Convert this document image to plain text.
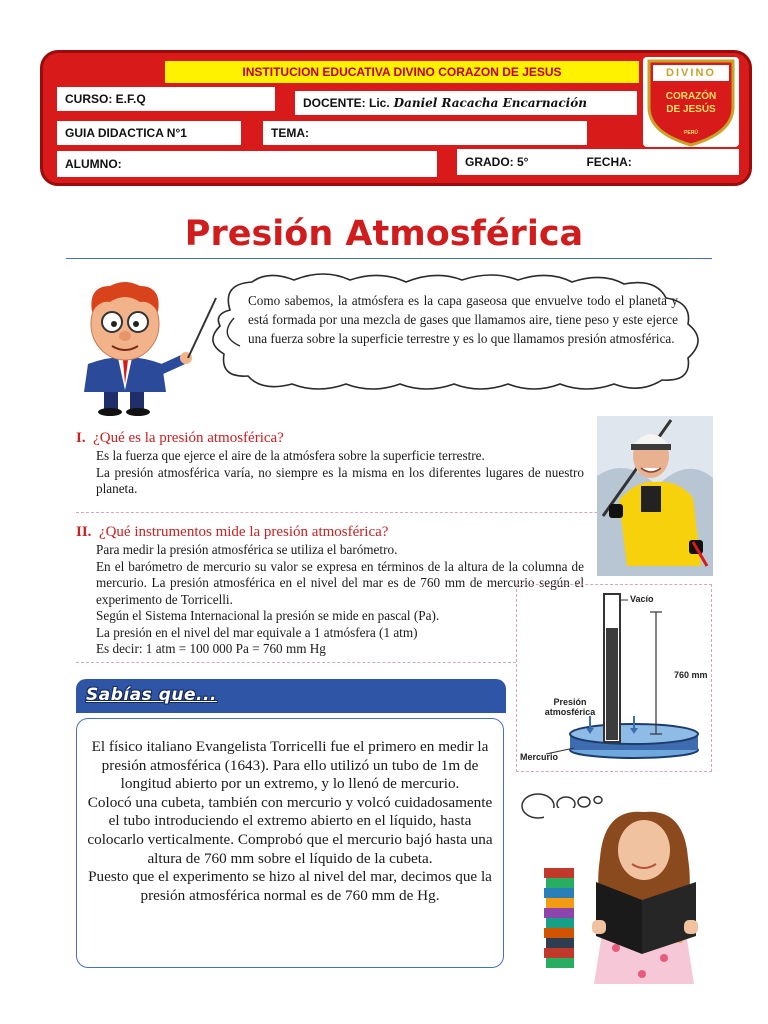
INSTITUCION EDUCATIVA DIVINO CORAZON DE JESUS
CURSO: E.F.Q	DOCENTE: Lic. Daniel Racacha Encarnación
GUIA DIDACTICA N°1	TEMA:
ALUMNO:	GRADO: 5°	FECHA:
DIVINO
CORAZÓN
DE JESÚS
PERÚ
Presión Atmosférica
Como sabemos, la atmósfera es la capa gaseosa que envuelve todo el planeta y está formada por una mezcla de gases que llamamos aire, tiene peso y este ejerce una fuerza sobre la superficie terrestre y es lo que llamamos presión atmosférica.
I. ¿Qué es la presión atmosférica?

Es la fuerza que ejerce el aire de la atmósfera sobre la superficie terrestre.

La presión atmosférica varía, no siempre es la misma en los diferentes lugares de nuestro planeta.

II. ¿Qué instrumentos mide la presión atmosférica?

Para medir la presión atmosférica se utiliza el barómetro.

En el barómetro de mercurio su valor se expresa en términos de la altura de la columna de mercurio. La presión atmosférica en el nivel del mar es de 760 mm de mercurio según el experimento de Torricelli.

Según el Sistema Internacional la presión se mide en pascal (Pa).

La presión en el nivel del mar equivale a 1 atmósfera (1 atm)

Es decir: 1 atm = 100 000 Pa = 760 mm Hg

Vacío
760 mm
Presión
atmosférica
Mercurio
Sabías que...

El físico italiano Evangelista Torricelli fue el primero en medir la presión atmosférica (1643). Para ello utilizó un tubo de 1m de longitud abierto por un extremo, y lo llenó de mercurio.

Colocó una cubeta, también con mercurio y volcó cuidadosamente el tubo introduciendo el extremo abierto en el líquido, hasta colocarlo verticalmente. Comprobó que el mercurio bajó hasta una altura de 760 mm sobre el líquido de la cubeta.

Puesto que el experimento se hizo al nivel del mar, decimos que la presión atmosférica normal es de 760 mm de Hg.
